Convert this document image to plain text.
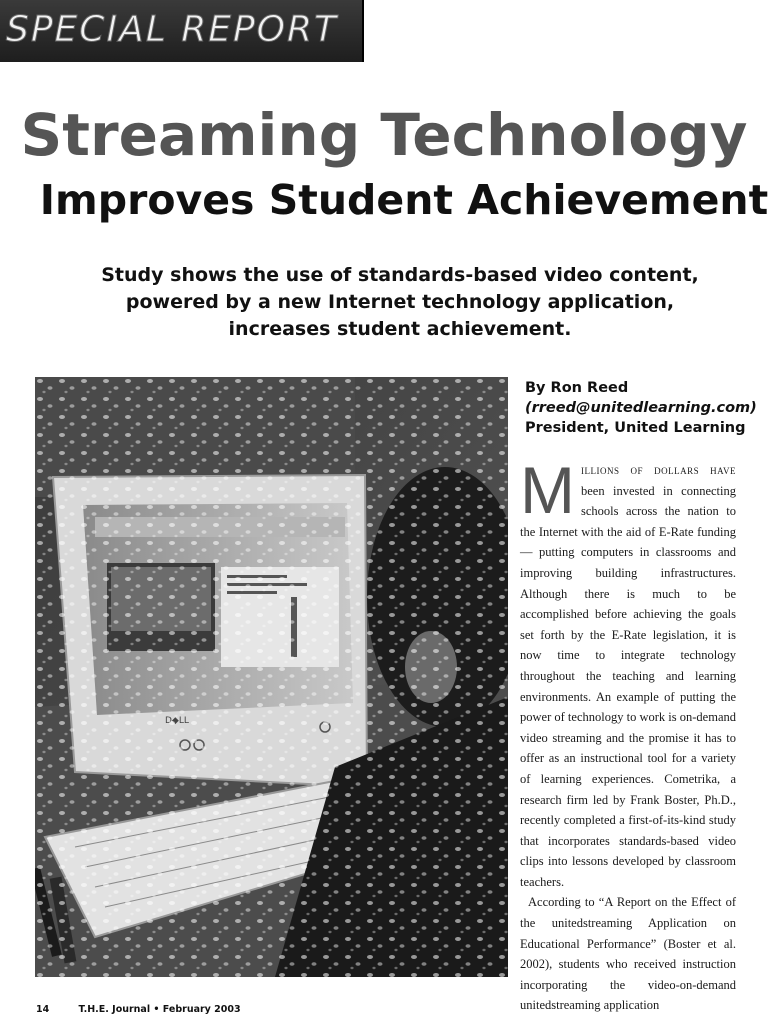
SPECIAL REPORT
Streaming Technology
Improves Student Achievement
Study shows the use of standards-based video content,
powered by a new Internet technology application,
increases student achievement.
By Ron Reed
(rreed@unitedlearning.com)
President, United Learning

Millions of dollars have been invested in connecting schools across the nation to the Internet with the aid of E-Rate funding — putting computers in classrooms and improving building infrastructures. Although there is much to be accomplished before achieving the goals set forth by the E-Rate legislation, it is now time to integrate technology throughout the teaching and learning environments. An example of putting the power of technology to work is on-demand video streaming and the promise it has to offer as an instructional tool for a variety of learning experiences. Cometrika, a research firm led by Frank Boster, Ph.D., recently completed a first-of-its-kind study that incorporates standards-based video clips into lessons developed by classroom teachers.

According to “A Report on the Effect of the unitedstreaming Application on Educational Performance” (Boster et al. 2002), students who received instruction incorporating the video-on-demand unitedstreaming application

14	T.H.E. Journal • February 2003
